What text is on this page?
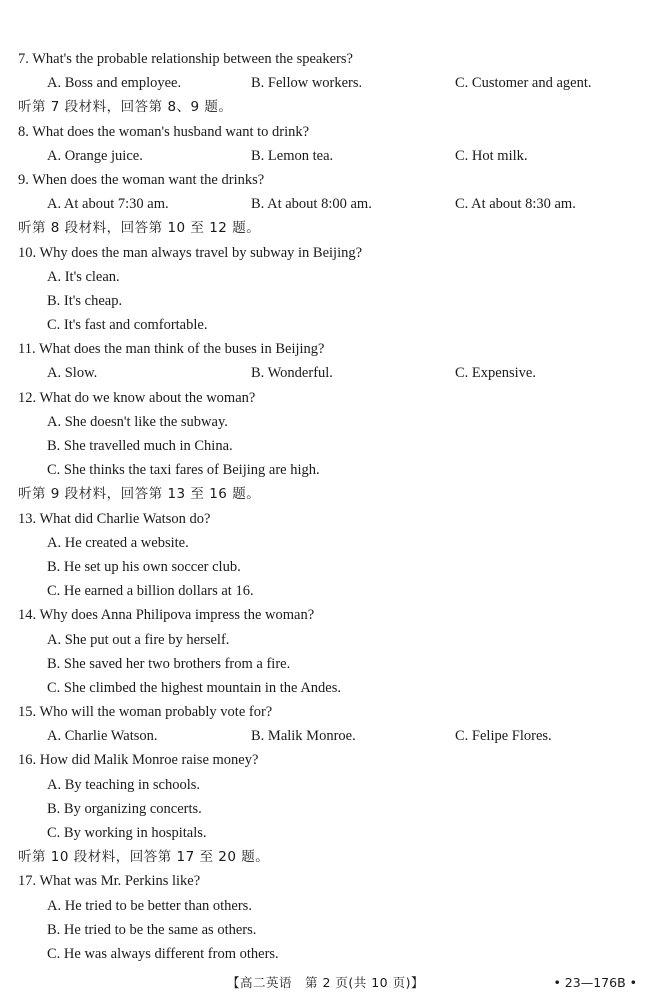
7. What's the probable relationship between the speakers?
A. Boss and employee.	B. Fellow workers.	C. Customer and agent.
听第 7 段材料，回答第 8、9 题。
8. What does the woman's husband want to drink?
A. Orange juice.	B. Lemon tea.	C. Hot milk.
9. When does the woman want the drinks?
A. At about 7:30 am.	B. At about 8:00 am.	C. At about 8:30 am.
听第 8 段材料，回答第 10 至 12 题。
10. Why does the man always travel by subway in Beijing?
A. It's clean.
B. It's cheap.
C. It's fast and comfortable.
11. What does the man think of the buses in Beijing?
A. Slow.	B. Wonderful.	C. Expensive.
12. What do we know about the woman?
A. She doesn't like the subway.
B. She travelled much in China.
C. She thinks the taxi fares of Beijing are high.
听第 9 段材料，回答第 13 至 16 题。
13. What did Charlie Watson do?
A. He created a website.
B. He set up his own soccer club.
C. He earned a billion dollars at 16.
14. Why does Anna Philipova impress the woman?
A. She put out a fire by herself.
B. She saved her two brothers from a fire.
C. She climbed the highest mountain in the Andes.
15. Who will the woman probably vote for?
A. Charlie Watson.	B. Malik Monroe.	C. Felipe Flores.
16. How did Malik Monroe raise money?
A. By teaching in schools.
B. By organizing concerts.
C. By working in hospitals.
听第 10 段材料，回答第 17 至 20 题。
17. What was Mr. Perkins like?
A. He tried to be better than others.
B. He tried to be the same as others.
C. He was always different from others.
【高二英语　第 2 页(共 10 页)】	• 23—176B •
